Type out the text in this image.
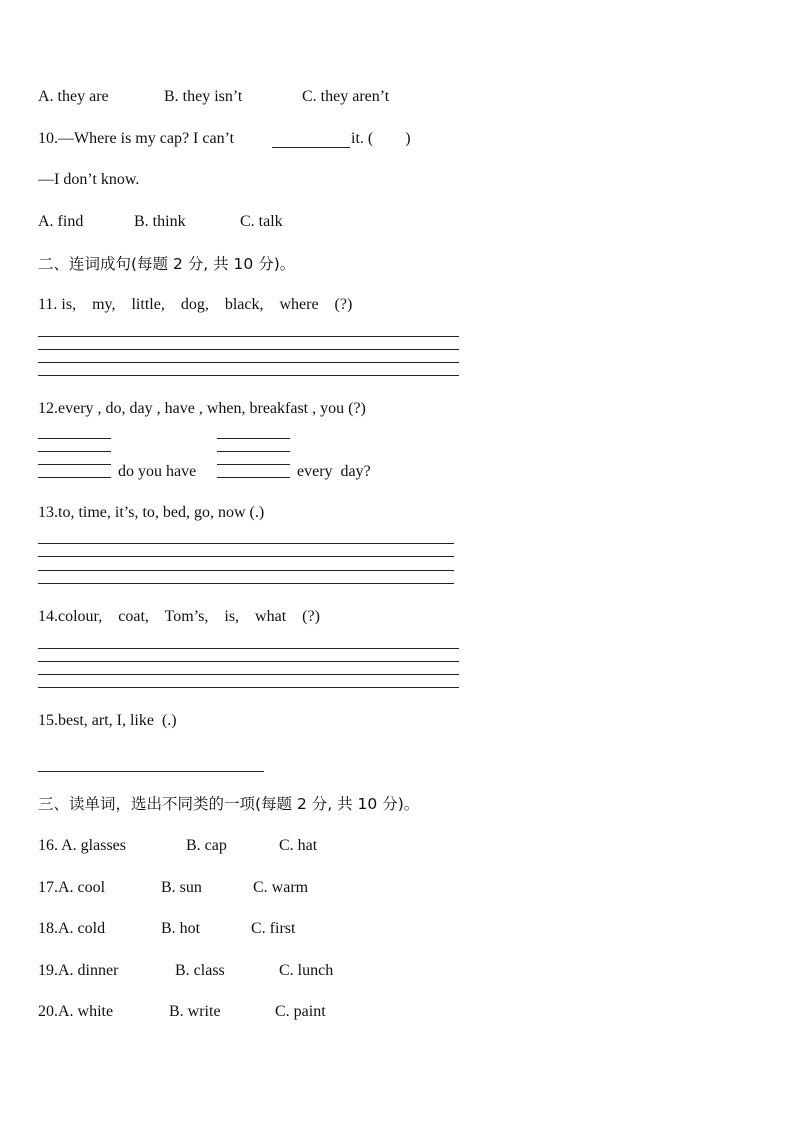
A. they are	B. they isn’t	C. they aren’t
10.—Where is my cap? I can’t	it. (        )
—I don’t know.
A. find	B. think	C. talk
二、连词成句(每题 2 分, 共 10 分)。
11. is,    my,    little,    dog,    black,    where    (?)
12.every , do, day , have , when, breakfast , you (?)
do you have	every  day?
13.to, time, it’s, to, bed, go, now (.)
14.colour,    coat,    Tom’s,    is,    what    (?)
15.best, art, I, like  (.)
三、读单词，选出不同类的一项(每题 2 分, 共 10 分)。
16. A. glasses	B. cap	C. hat
17.A. cool	B. sun	C. warm
18.A. cold	B. hot	C. first
19.A. dinner	B. class	C. lunch
20.A. white	B. write	C. paint
